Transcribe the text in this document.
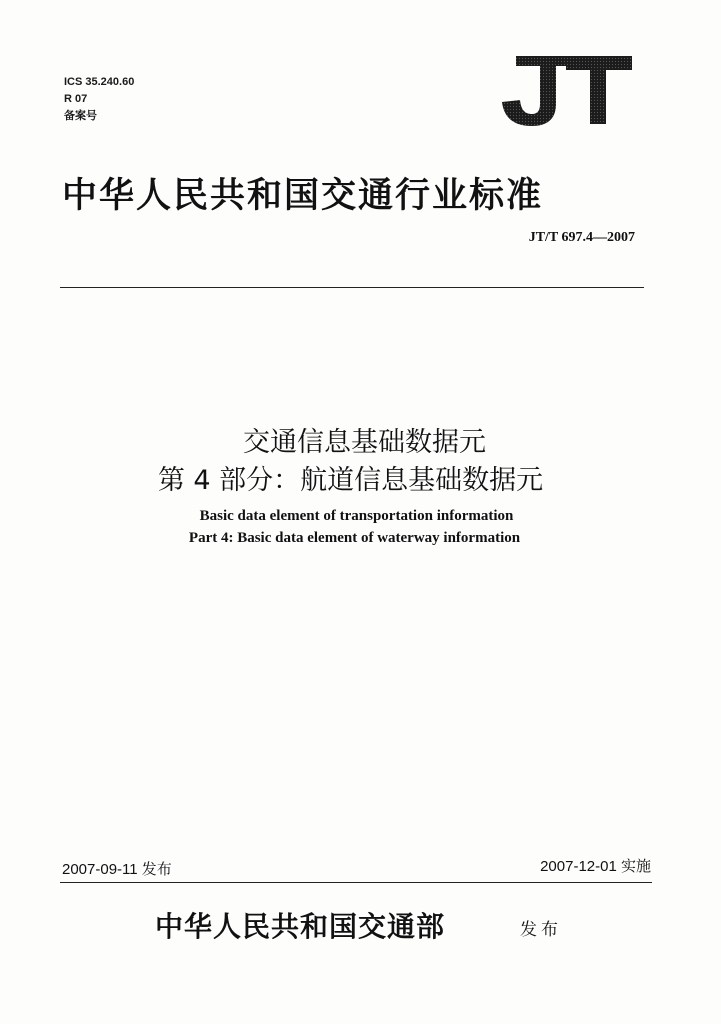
ICS 35.240.60
R 07
备案号
中华人民共和国交通行业标准
JT/T 697.4—2007
交通信息基础数据元
第 4 部分：航道信息基础数据元
Basic data element of transportation information
Part 4: Basic data element of waterway information
2007-09-11 发布	2007-12-01 实施
中华人民共和国交通部	发布
